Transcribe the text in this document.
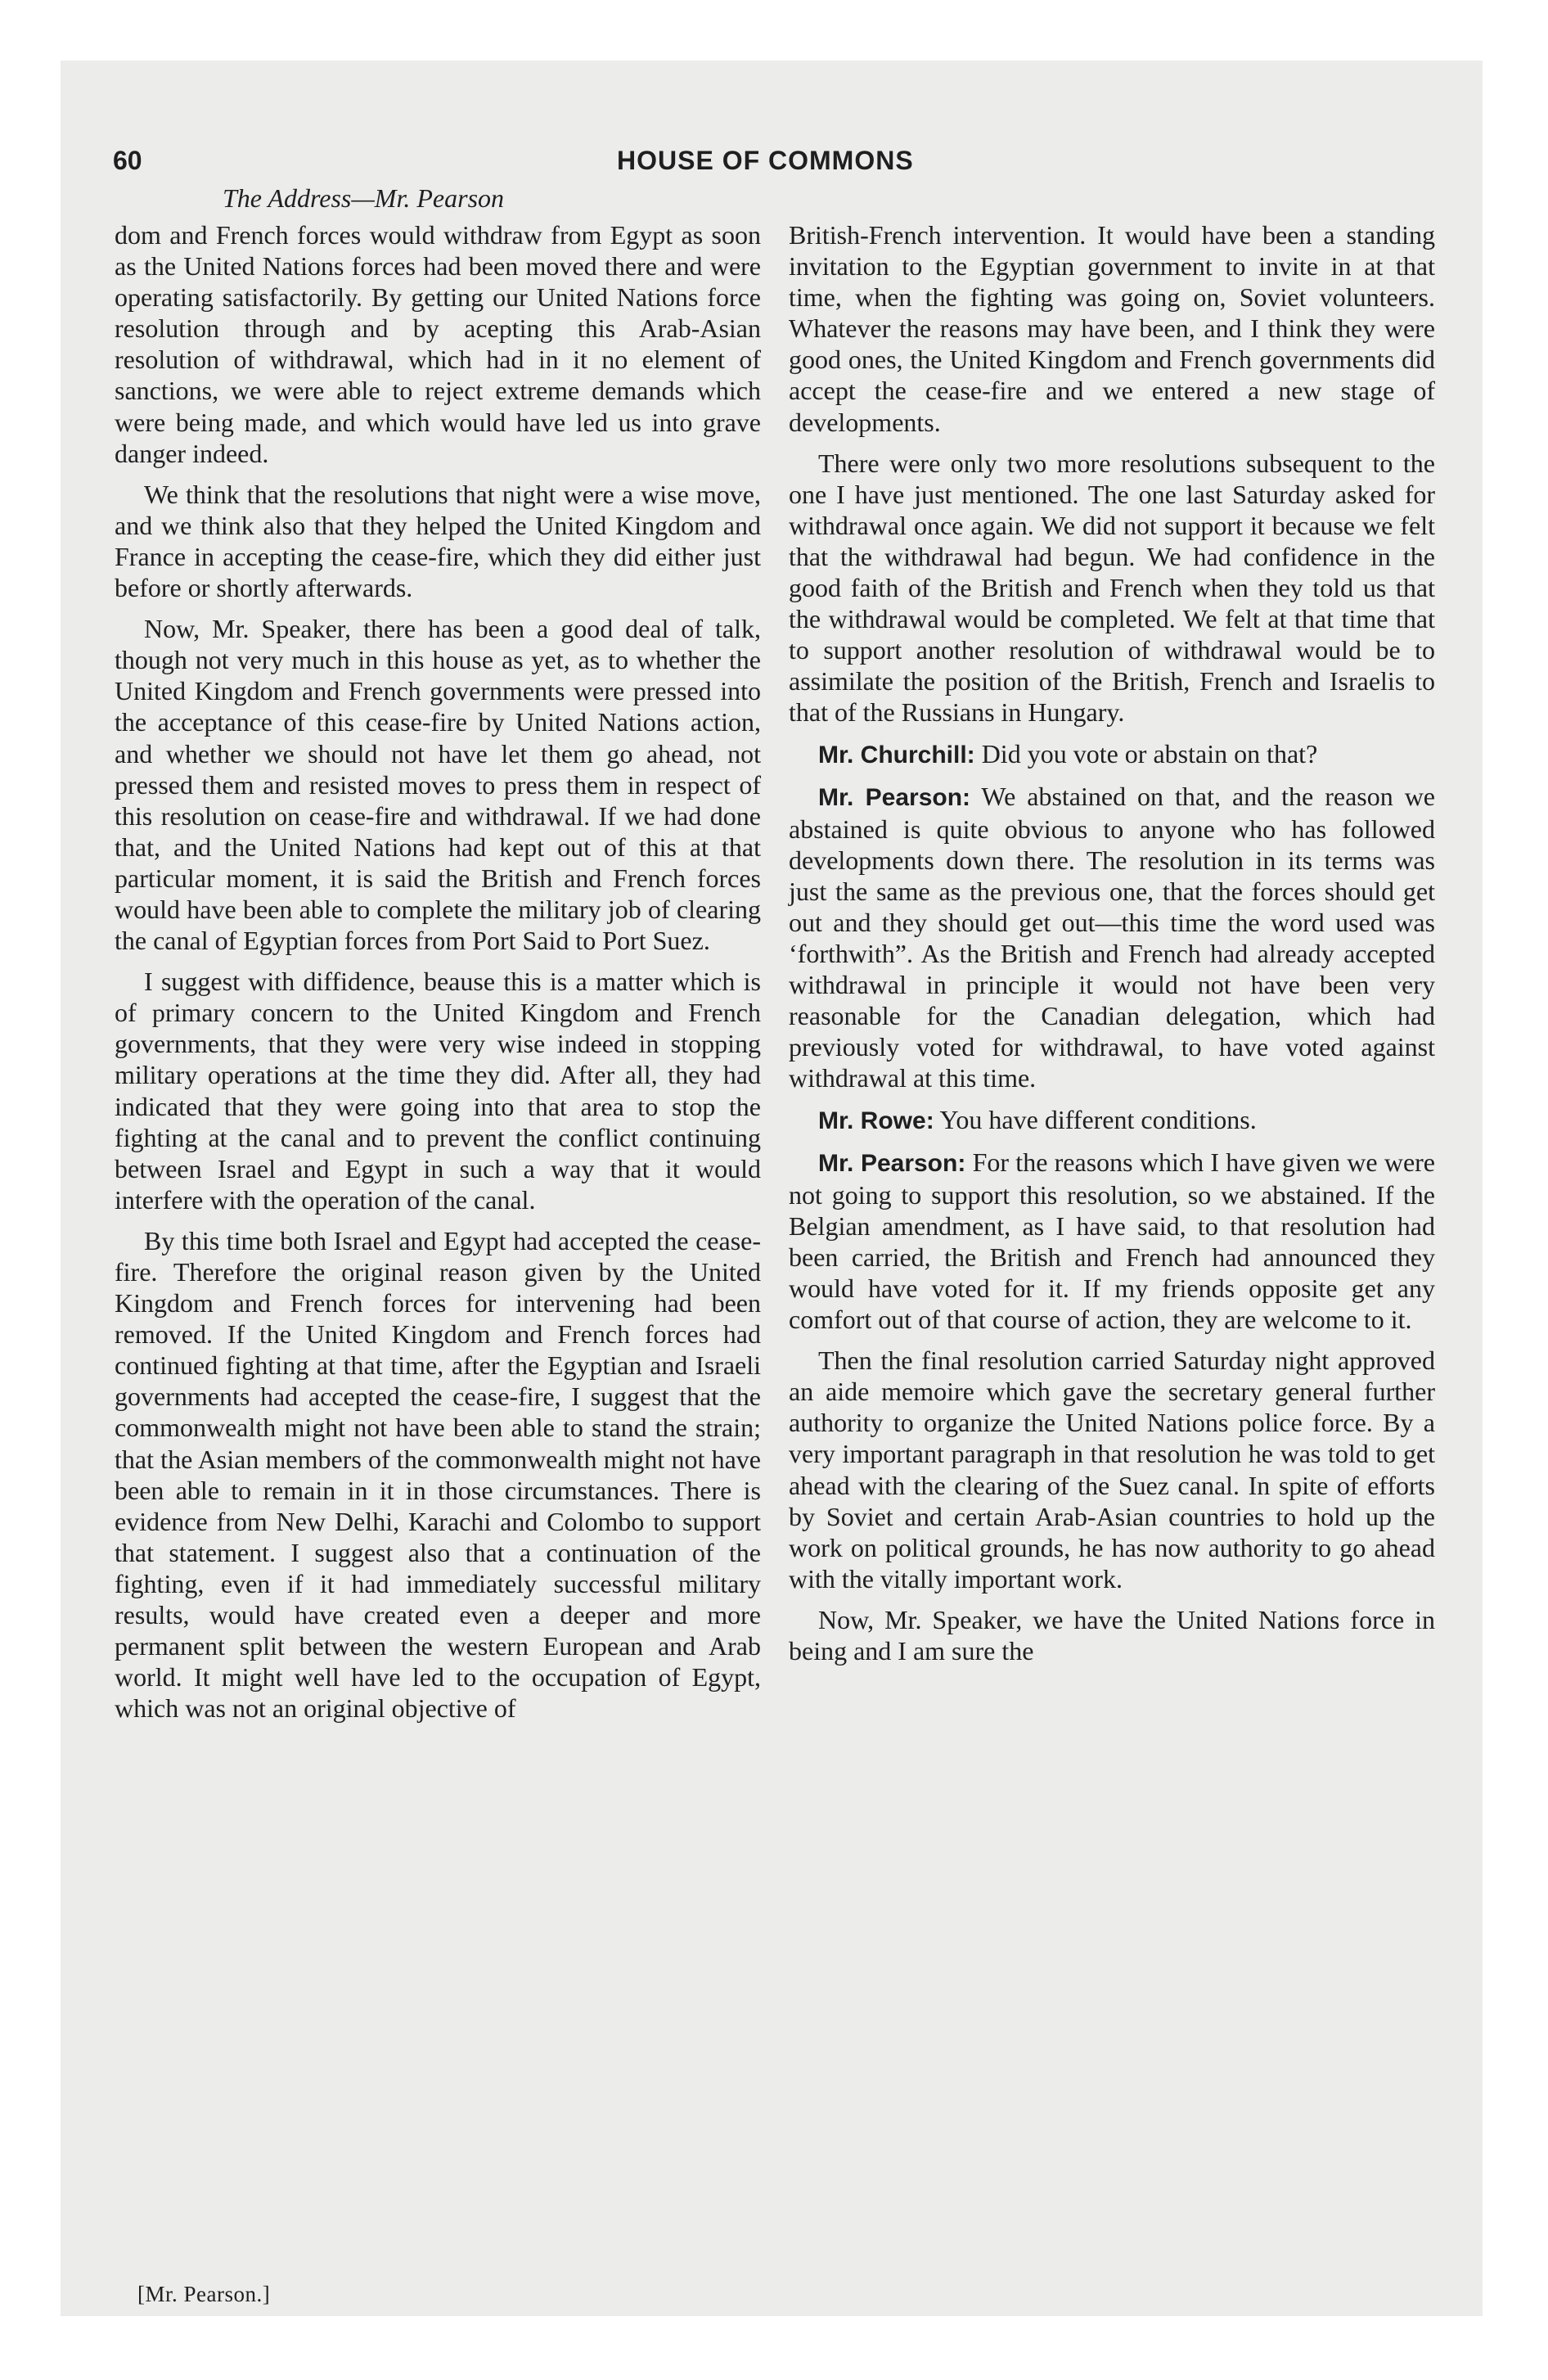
60	HOUSE OF COMMONS
The Address—Mr. Pearson

dom and French forces would withdraw from Egypt as soon as the United Nations forces had been moved there and were operating satisfactorily. By getting our United Nations force resolution through and by acepting this Arab-Asian resolution of withdrawal, which had in it no element of sanctions, we were able to reject extreme demands which were being made, and which would have led us into grave danger indeed.

We think that the resolutions that night were a wise move, and we think also that they helped the United Kingdom and France in accepting the cease-fire, which they did either just before or shortly afterwards.

Now, Mr. Speaker, there has been a good deal of talk, though not very much in this house as yet, as to whether the United Kingdom and French governments were pressed into the acceptance of this cease-fire by United Nations action, and whether we should not have let them go ahead, not pressed them and resisted moves to press them in respect of this resolution on cease-fire and withdrawal. If we had done that, and the United Nations had kept out of this at that particular moment, it is said the British and French forces would have been able to complete the military job of clearing the canal of Egyptian forces from Port Said to Port Suez.

I suggest with diffidence, beause this is a matter which is of primary concern to the United Kingdom and French governments, that they were very wise indeed in stopping military operations at the time they did. After all, they had indicated that they were going into that area to stop the fighting at the canal and to prevent the conflict continuing between Israel and Egypt in such a way that it would interfere with the operation of the canal.

By this time both Israel and Egypt had accepted the cease-fire. Therefore the original reason given by the United Kingdom and French forces for intervening had been removed. If the United Kingdom and French forces had continued fighting at that time, after the Egyptian and Israeli governments had accepted the cease-fire, I suggest that the commonwealth might not have been able to stand the strain; that the Asian members of the commonwealth might not have been able to remain in it in those circumstances. There is evidence from New Delhi, Karachi and Colombo to support that statement. I suggest also that a continuation of the fighting, even if it had immediately successful military results, would have created even a deeper and more permanent split between the western European and Arab world. It might well have led to the occupation of Egypt, which was not an original objective of

British-French intervention. It would have been a standing invitation to the Egyptian government to invite in at that time, when the fighting was going on, Soviet volunteers. Whatever the reasons may have been, and I think they were good ones, the United Kingdom and French governments did accept the cease-fire and we entered a new stage of developments.

There were only two more resolutions subsequent to the one I have just mentioned. The one last Saturday asked for withdrawal once again. We did not support it because we felt that the withdrawal had begun. We had confidence in the good faith of the British and French when they told us that the withdrawal would be completed. We felt at that time that to support another resolution of withdrawal would be to assimilate the position of the British, French and Israelis to that of the Russians in Hungary.

Mr. Churchill: Did you vote or abstain on that?

Mr. Pearson: We abstained on that, and the reason we abstained is quite obvious to anyone who has followed developments down there. The resolution in its terms was just the same as the previous one, that the forces should get out and they should get out—this time the word used was ‘forthwith”. As the British and French had already accepted withdrawal in principle it would not have been very reasonable for the Canadian delegation, which had previously voted for withdrawal, to have voted against withdrawal at this time.

Mr. Rowe: You have different conditions.

Mr. Pearson: For the reasons which I have given we were not going to support this resolution, so we abstained. If the Belgian amendment, as I have said, to that resolution had been carried, the British and French had announced they would have voted for it. If my friends opposite get any comfort out of that course of action, they are welcome to it.

Then the final resolution carried Saturday night approved an aide memoire which gave the secretary general further authority to organize the United Nations police force. By a very important paragraph in that resolution he was told to get ahead with the clearing of the Suez canal. In spite of efforts by Soviet and certain Arab-Asian countries to hold up the work on political grounds, he has now authority to go ahead with the vitally important work.

Now, Mr. Speaker, we have the United Nations force in being and I am sure the

[Mr. Pearson.]
